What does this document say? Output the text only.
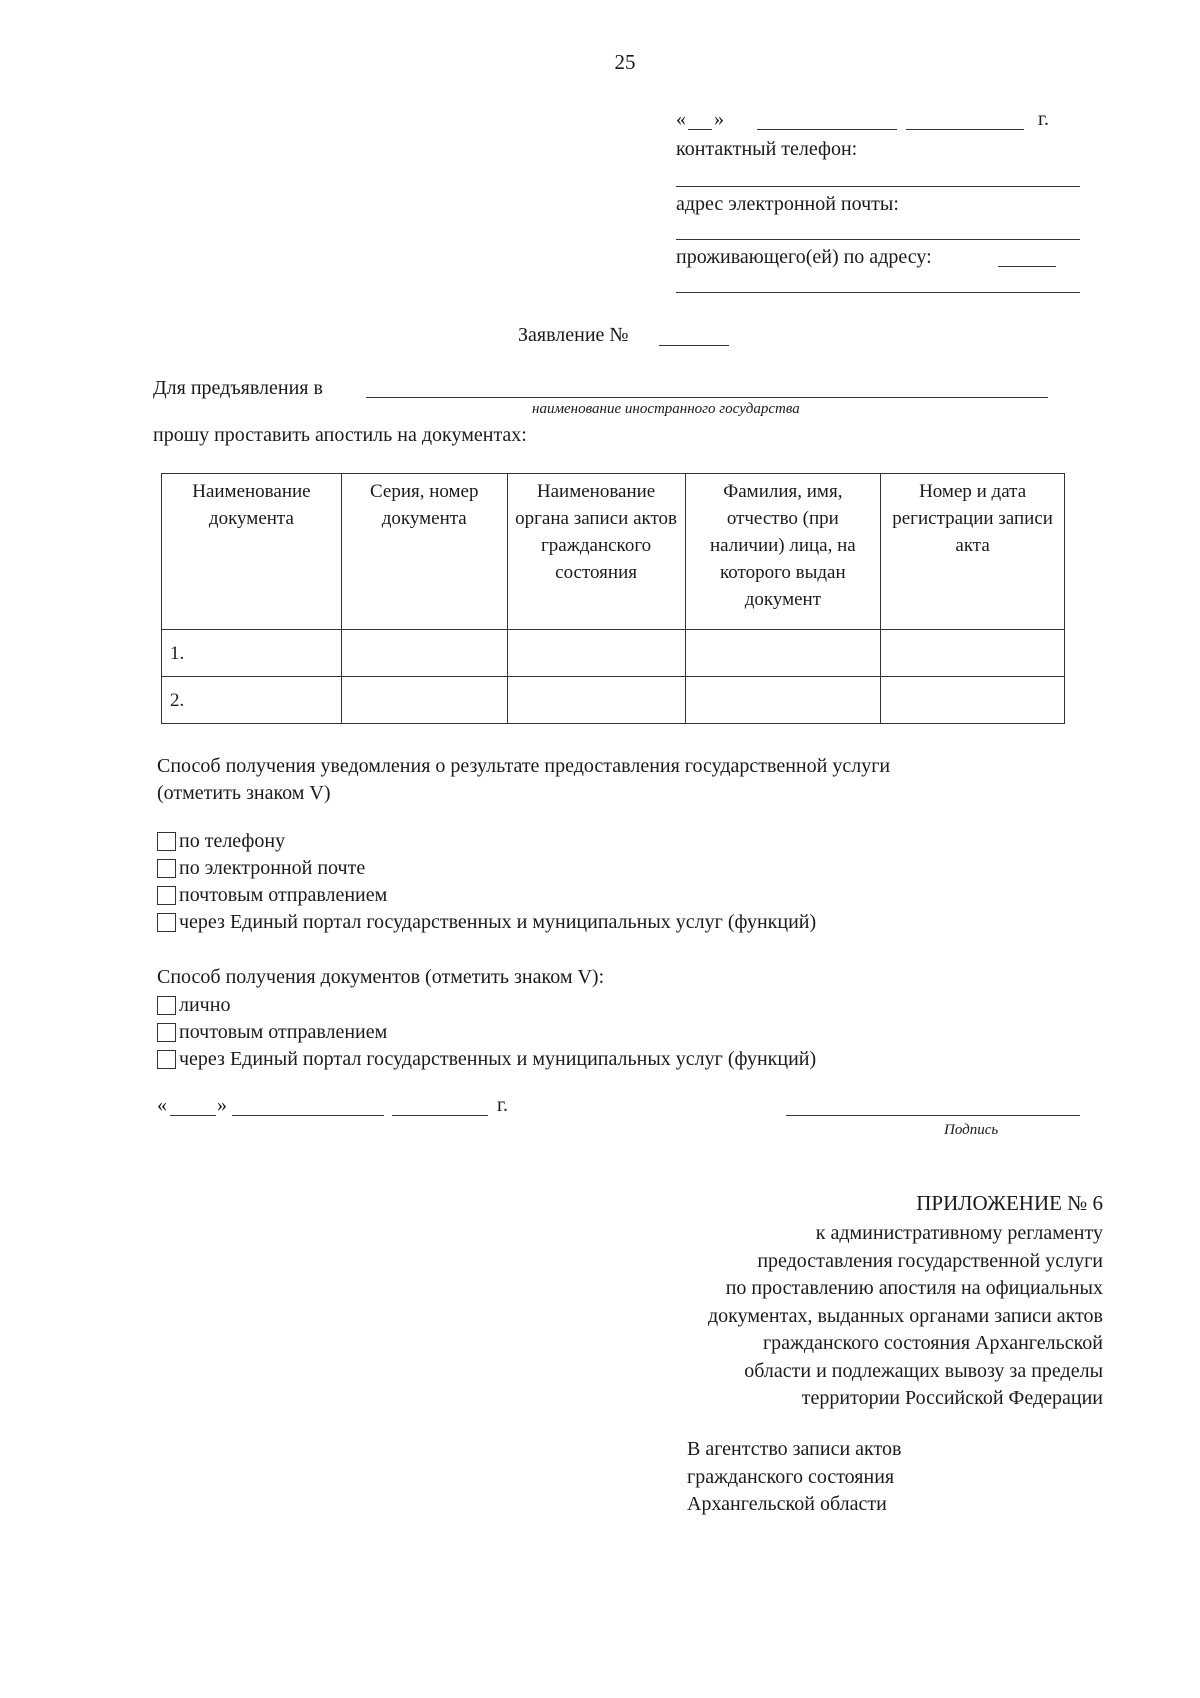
25
« »	г.
контактный телефон:
адрес электронной почты:
проживающего(ей) по адресу:
Заявление №
Для предъявления в
наименование иностранного государства
прошу проставить апостиль на документах:
Наименование документа	Серия, номер документа	Наименование органа записи актов гражданского состояния	Фамилия, имя, отчество (при наличии) лица, на которого выдан документ	Номер и дата регистрации записи акта
1.				
2.				
Способ получения уведомления о результате предоставления государственной услуги
(отметить знаком V)
по телефону
по электронной почте
почтовым отправлением
через Единый портал государственных и муниципальных услуг (функций)
Способ получения документов (отметить знаком V):
лично
почтовым отправлением
через Единый портал государственных и муниципальных услуг (функций)
«	»	г.
Подпись
ПРИЛОЖЕНИЕ № 6
к административному регламенту
предоставления государственной услуги
по проставлению апостиля на официальных
документах, выданных органами записи актов
гражданского состояния Архангельской
области и подлежащих вывозу за пределы
территории Российской Федерации
В агентство записи актов
гражданского состояния
Архангельской области
